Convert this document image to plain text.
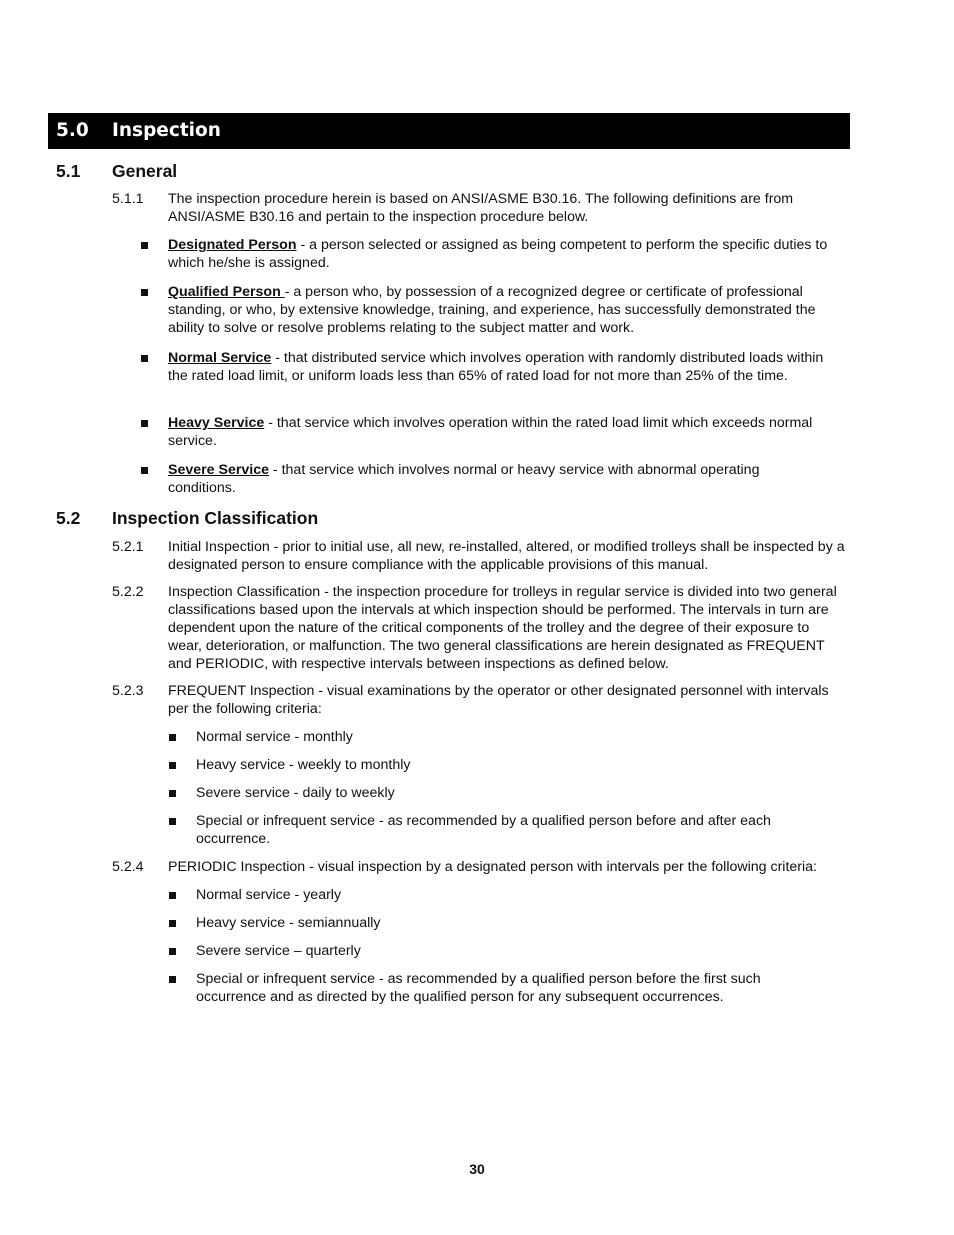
5.0 Inspection
5.1 General
5.1.1 The inspection procedure herein is based on ANSI/ASME B30.16. The following definitions are from ANSI/ASME B30.16 and pertain to the inspection procedure below.
Designated Person - a person selected or assigned as being competent to perform the specific duties to which he/she is assigned.
Qualified Person - a person who, by possession of a recognized degree or certificate of professional standing, or who, by extensive knowledge, training, and experience, has successfully demonstrated the ability to solve or resolve problems relating to the subject matter and work.
Normal Service - that distributed service which involves operation with randomly distributed loads within the rated load limit, or uniform loads less than 65% of rated load for not more than 25% of the time.
Heavy Service - that service which involves operation within the rated load limit which exceeds normal service.
Severe Service - that service which involves normal or heavy service with abnormal operating conditions.
5.2 Inspection Classification
5.2.1 Initial Inspection - prior to initial use, all new, re-installed, altered, or modified trolleys shall be inspected by a designated person to ensure compliance with the applicable provisions of this manual.
5.2.2 Inspection Classification - the inspection procedure for trolleys in regular service is divided into two general classifications based upon the intervals at which inspection should be performed. The intervals in turn are dependent upon the nature of the critical components of the trolley and the degree of their exposure to wear, deterioration, or malfunction. The two general classifications are herein designated as FREQUENT and PERIODIC, with respective intervals between inspections as defined below.
5.2.3 FREQUENT Inspection - visual examinations by the operator or other designated personnel with intervals per the following criteria:
Normal service - monthly
Heavy service - weekly to monthly
Severe service - daily to weekly
Special or infrequent service - as recommended by a qualified person before and after each occurrence.
5.2.4 PERIODIC Inspection - visual inspection by a designated person with intervals per the following criteria:
Normal service - yearly
Heavy service - semiannually
Severe service – quarterly
Special or infrequent service - as recommended by a qualified person before the first such occurrence and as directed by the qualified person for any subsequent occurrences.
30
